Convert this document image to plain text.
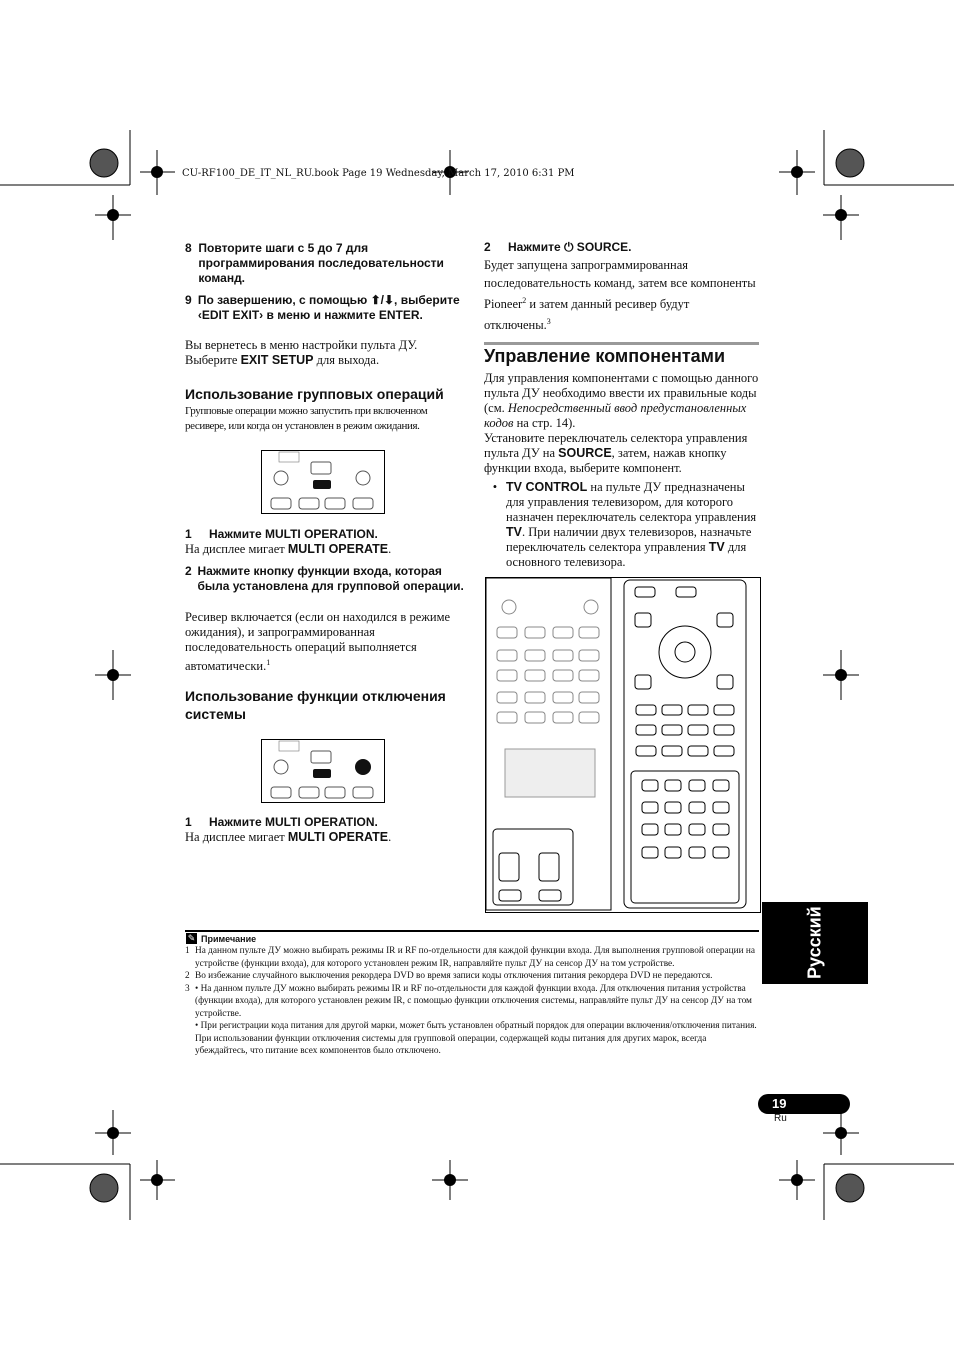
CU-RF100_DE_IT_NL_RU.book Page 19 Wednesday, March 17, 2010 6:31 PM
8 Повторите шаги с 5 до 7 для программирования последовательности команд.
9 По завершению, с помощью ⬆/⬇, выберите ‹EDIT EXIT› в меню и нажмите ENTER.
Вы вернетесь в меню настройки пульта ДУ. Выберите EXIT SETUP для выхода.
Использование групповых операций
Групповые операции можно запустить при включенном ресивере, или когда он установлен в режим ожидания.
1	Нажмите MULTI OPERATION.
На дисплее мигает MULTI OPERATE.
2 Нажмите кнопку функции входа, которая была установлена для групповой операции.
Ресивер включается (если он находился в режиме ожидания), и запрограммированная последовательность операций выполняется автоматически.$^1$
Использование функции отключения системы
1	Нажмите MULTI OPERATION.
На дисплее мигает MULTI OPERATE.
2	Нажмите ⏻ SOURCE.
Будет запущена запрограммированная последовательность команд, затем все компоненты Pioneer$^2$ и затем данный ресивер будут отключены.$^3$
Управление компонентами
Для управления компонентами с помощью данного пульта ДУ необходимо ввести их правильные коды (см. Непосредственный ввод предустановленных кодов на стр. 14).
Установите переключатель селектора управления пульта ДУ на SOURCE, затем, нажав кнопку функции входа, выберите компонент.
• TV CONTROL на пульте ДУ предназначены для управления телевизором, для которого назначен переключатель селектора управления TV. При наличии двух телевизоров, назначьте переключатель селектора управления TV для основного телевизора.
Русский
✎ Примечание
1 На данном пульте ДУ можно выбирать режимы IR и RF по-отдельности для каждой функции входа. Для выполнения групповой операции на устройстве (функции входа), для которого установлен режим IR, направляйте пульт ДУ на сенсор ДУ на том устройстве.
2 Во избежание случайного выключения рекордера DVD во время записи коды отключения питания рекордера DVD не передаются.
3 • На данном пульте ДУ можно выбирать режимы IR и RF по-отдельности для каждой функции входа. Для отключения питания устройства (функции входа), для которого установлен режим IR, с помощью функции отключения системы, направляйте пульт ДУ на сенсор ДУ на том устройстве.
• При регистрации кода питания для другой марки, может быть установлен обратный порядок для операции включения/отключения питания. При использовании функции отключения системы для групповой операции, содержащей коды питания для других марок, всегда убеждайтесь, что питание всех компонентов было отключено.
19
Ru
